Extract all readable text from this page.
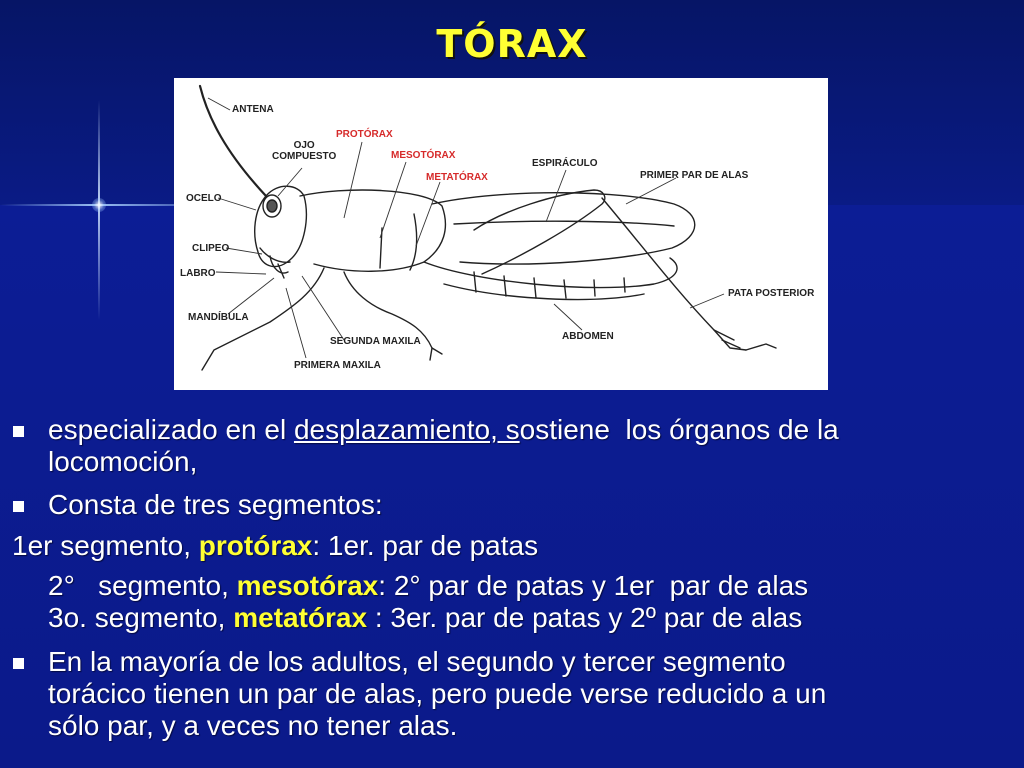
TÓRAX
ANTENA
OJO
COMPUESTO
OCELO
CLIPEO
LABRO
MANDÍBULA
PROTÓRAX
MESOTÓRAX
METATÓRAX
ESPIRÁCULO
PRIMER PAR DE ALAS
PATA POSTERIOR
SEGUNDA MAXILA
PRIMERA MAXILA
ABDOMEN
especializado en el desplazamiento, sostiene  los órganos de la
locomoción,
Consta de tres segmentos:
1er segmento, protórax: 1er. par de patas
2°   segmento, mesotórax: 2° par de patas y 1er  par de alas
3o. segmento, metatórax : 3er. par de patas y 2º par de alas
En la mayoría de los adultos, el segundo y tercer segmento
torácico tienen un par de alas, pero puede verse reducido a un
sólo par, y a veces no tener alas.
